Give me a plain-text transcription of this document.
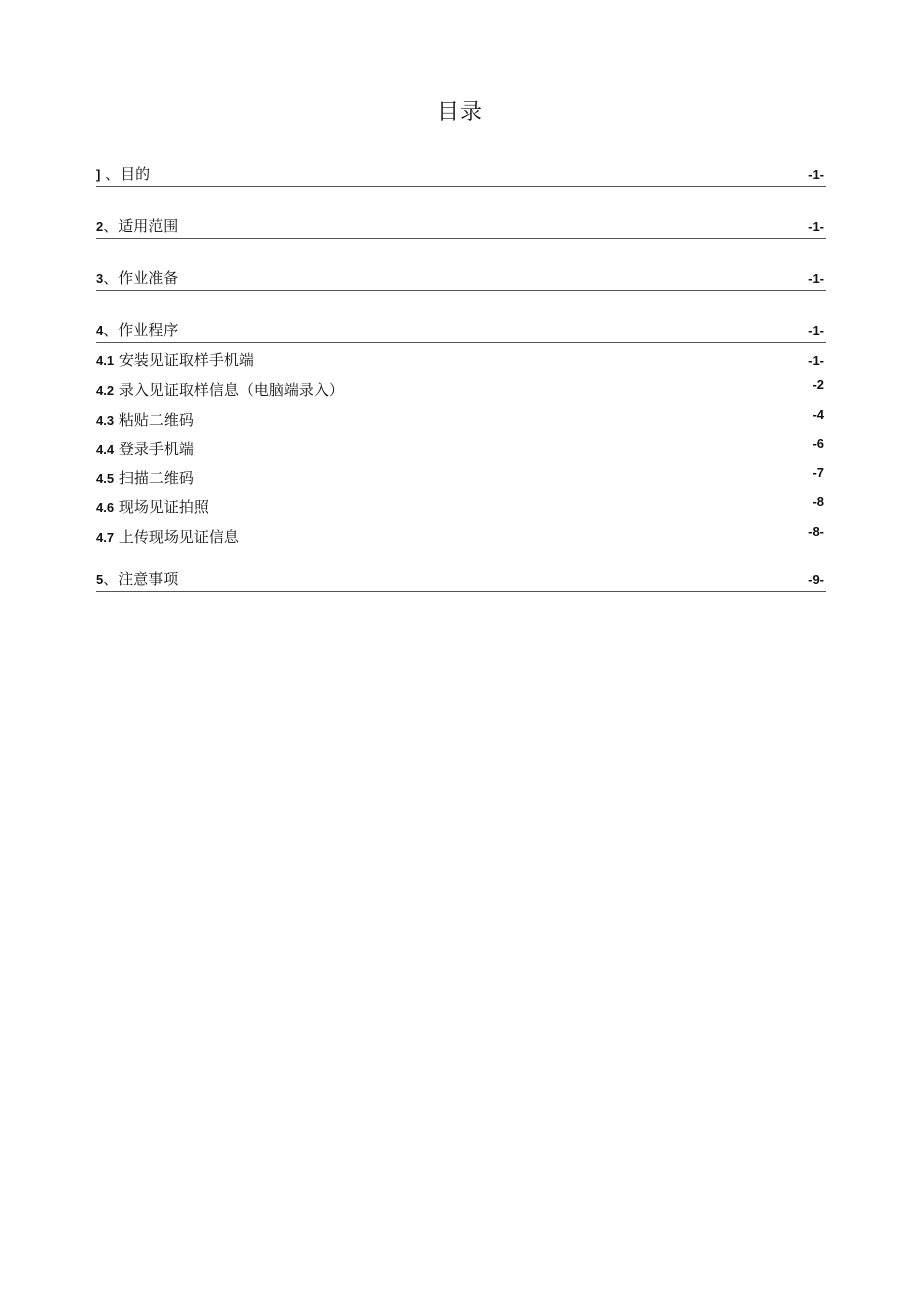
目录
] 、目的	-1-
2、适用范围	-1-
3、作业准备	-1-
4、作业程序	-1-
4.1 安装见证取样手机端	-1-
4.2 录入见证取样信息（电脑端录入）	-2
4.3 粘贴二维码	-4
4.4 登录手机端	-6
4.5 扫描二维码	-7
4.6 现场见证拍照	-8
4.7 上传现场见证信息	-8-
5、注意事项	-9-
